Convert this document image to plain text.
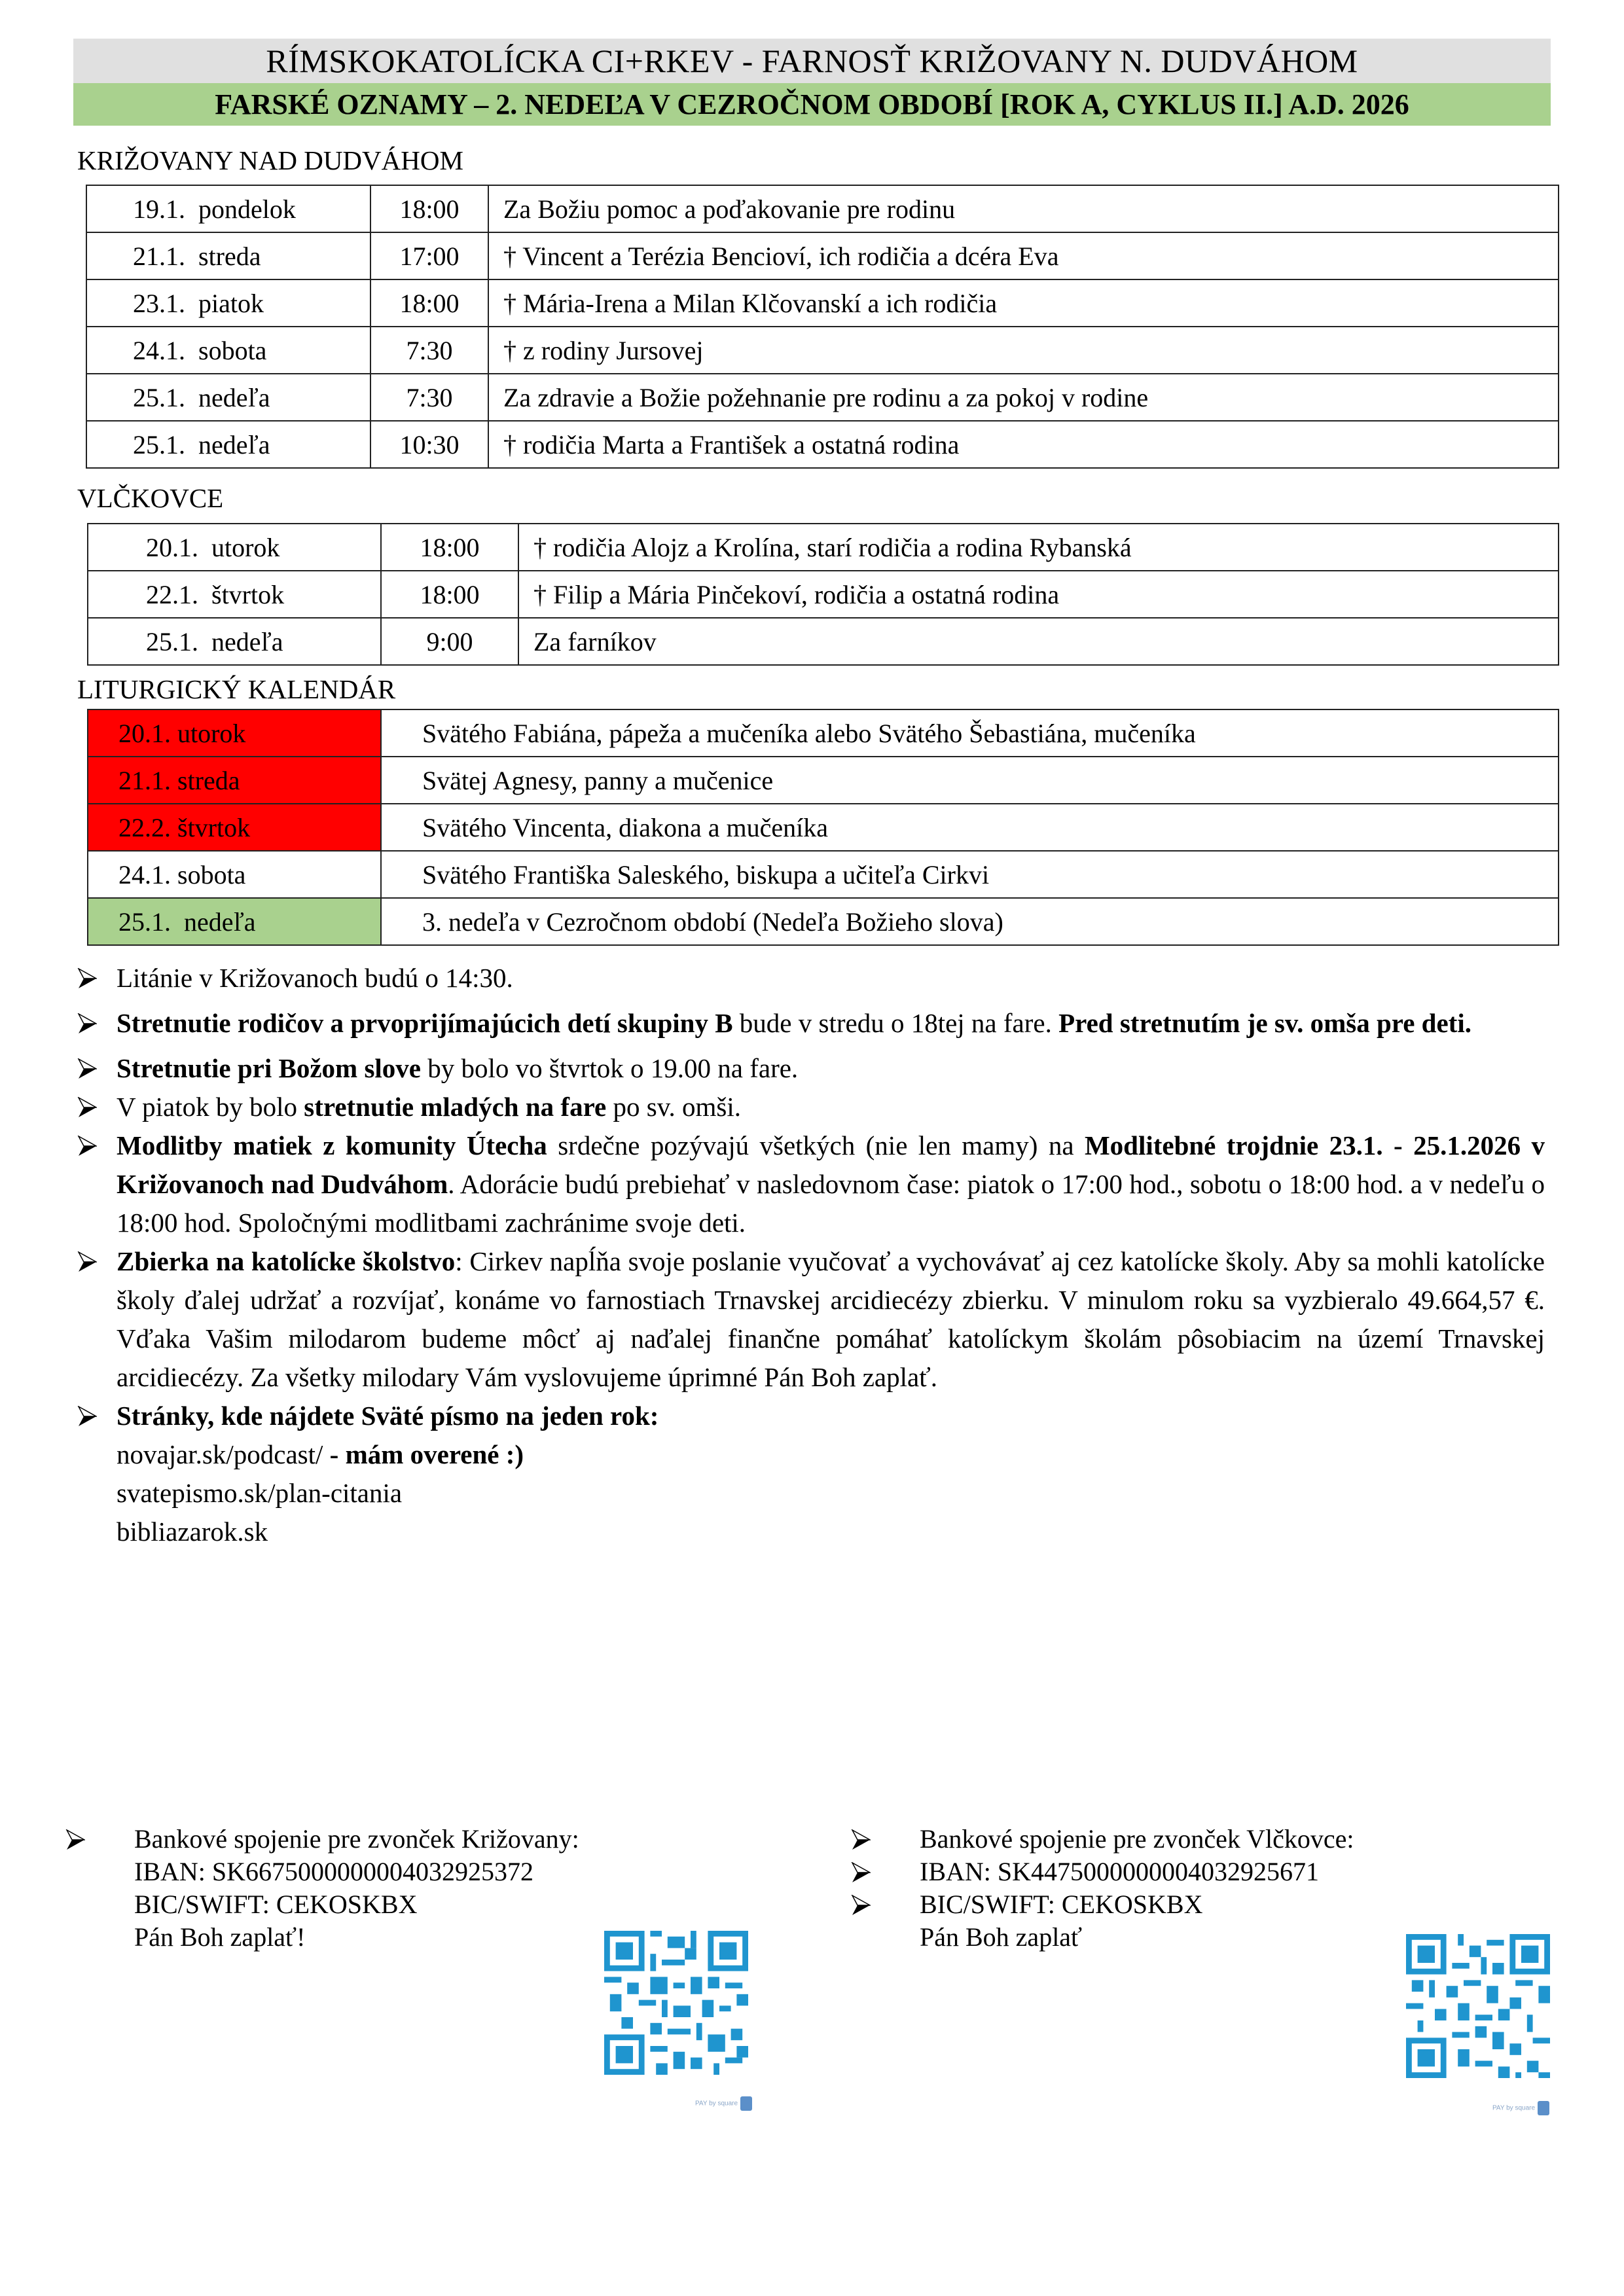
RÍMSKOKATOLÍCKA CI+RKEV - FARNOSŤ KRIŽOVANY N. DUDVÁHOM
FARSKÉ OZNAMY – 2. NEDEĽA V CEZROČNOM OBDOBÍ [ROK A, CYKLUS II.] A.D. 2026
KRIŽOVANY NAD DUDVÁHOM
19.1.  pondelok	18:00	Za Božiu pomoc a poďakovanie pre rodinu
21.1.  streda	17:00	† Vincent a Terézia Bencioví, ich rodičia a dcéra Eva
23.1.  piatok	18:00	† Mária-Irena a Milan Klčovanskí a ich rodičia
24.1.  sobota	7:30	† z rodiny Jursovej
25.1.  nedeľa	7:30	Za zdravie a Božie požehnanie pre rodinu a za pokoj v rodine
25.1.  nedeľa	10:30	† rodičia Marta a František a ostatná rodina
VLČKOVCE
20.1.  utorok	18:00	† rodičia Alojz a Krolína, starí rodičia a rodina Rybanská
22.1.  štvrtok	18:00	† Filip a Mária Pinčekoví, rodičia a ostatná rodina
25.1.  nedeľa	9:00	Za farníkov
LITURGICKÝ KALENDÁR
20.1. utorok	Svätého Fabiána, pápeža a mučeníka alebo Svätého Šebastiána, mučeníka
21.1. streda	Svätej Agnesy, panny a mučenice
22.2. štvrtok	Svätého Vincenta, diakona a mučeníka
24.1. sobota	Svätého Františka Saleského, biskupa a učiteľa Cirkvi
25.1.  nedeľa	3. nedeľa v Cezročnom období (Nedeľa Božieho slova)
Litánie v Križovanoch budú o 14:30.
Stretnutie rodičov a prvoprijímajúcich detí skupiny B bude v stredu o 18tej na fare. Pred stretnutím je sv. omša pre deti.
Stretnutie pri Božom slove by bolo vo štvrtok o 19.00 na fare.
V piatok by bolo stretnutie mladých na fare po sv. omši.
Modlitby matiek z komunity Útecha srdečne pozývajú všetkých (nie len mamy) na Modlitebné trojdnie 23.1. - 25.1.2026 v Križovanoch nad Dudváhom. Adorácie budú prebiehať v nasledovnom čase: piatok o 17:00 hod., sobotu o 18:00 hod. a v nedeľu o 18:00 hod. Spoločnými modlitbami zachránime svoje deti.
Zbierka na katolícke školstvo: Cirkev napĺňa svoje poslanie vyučovať a vychovávať aj cez katolícke školy. Aby sa mohli katolícke školy ďalej udržať a rozvíjať, konáme vo farnostiach Trnavskej arcidiecézy zbierku. V minulom roku sa vyzbieralo 49.664,57 €. Vďaka Vašim milodarom budeme môcť aj naďalej finančne pomáhať katolíckym školám pôsobiacim na území Trnavskej arcidiecézy. Za všetky milodary Vám vyslovujeme úprimné Pán Boh zaplať.
Stránky, kde nájdete Sväté písmo na jeden rok:
novajar.sk/podcast/ - mám overené :)
svatepismo.sk/plan-citania
bibliazarok.sk
Bankové spojenie pre zvonček Križovany:
IBAN: SK6675000000004032925372
BIC/SWIFT: CEKOSKBX
Pán Boh zaplať!
PAY by square
Bankové spojenie pre zvonček Vlčkovce:
IBAN: SK4475000000004032925671
BIC/SWIFT: CEKOSKBX
Pán Boh zaplať
PAY by square
